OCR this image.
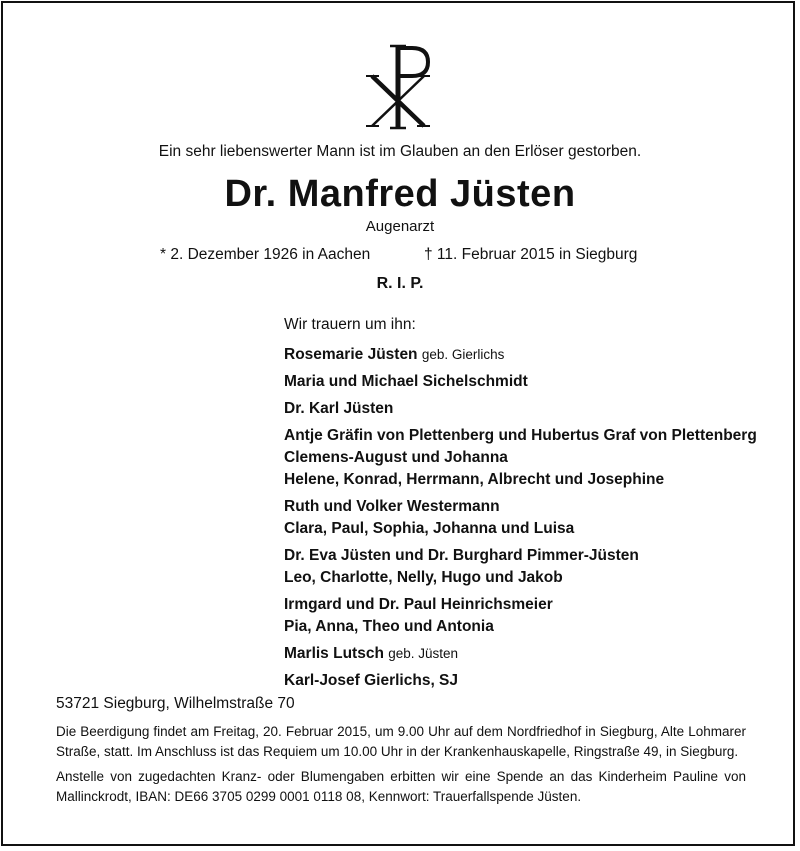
Ein sehr liebenswerter Mann ist im Glauben an den Erlöser gestorben.
Dr. Manfred Jüsten
Augenarzt
* 2. Dezember 1926 in Aachen	† 11. Februar 2015 in Siegburg
R. I. P.
Wir trauern um ihn:
Rosemarie Jüsten geb. Gierlichs
Maria und Michael Sichelschmidt
Dr. Karl Jüsten
Antje Gräfin von Plettenberg und Hubertus Graf von Plettenberg
Clemens-August und Johanna
Helene, Konrad, Herrmann, Albrecht und Josephine
Ruth und Volker Westermann
Clara, Paul, Sophia, Johanna und Luisa
Dr. Eva Jüsten und Dr. Burghard Pimmer-Jüsten
Leo, Charlotte, Nelly, Hugo und Jakob
Irmgard und Dr. Paul Heinrichsmeier
Pia, Anna, Theo und Antonia
Marlis Lutsch geb. Jüsten
Karl-Josef Gierlichs, SJ
53721 Siegburg, Wilhelmstraße 70
Die Beerdigung findet am Freitag, 20. Februar 2015, um 9.00 Uhr auf dem Nordfriedhof in Siegburg, Alte Lohmarer Straße, statt. Im Anschluss ist das Requiem um 10.00 Uhr in der Krankenhauskapelle, Ringstraße 49, in Siegburg.
Anstelle von zugedachten Kranz- oder Blumengaben erbitten wir eine Spende an das Kinderheim Pauline von Mallinckrodt, IBAN: DE66 3705 0299 0001 0118 08, Kennwort: Trauerfallspende Jüsten.
